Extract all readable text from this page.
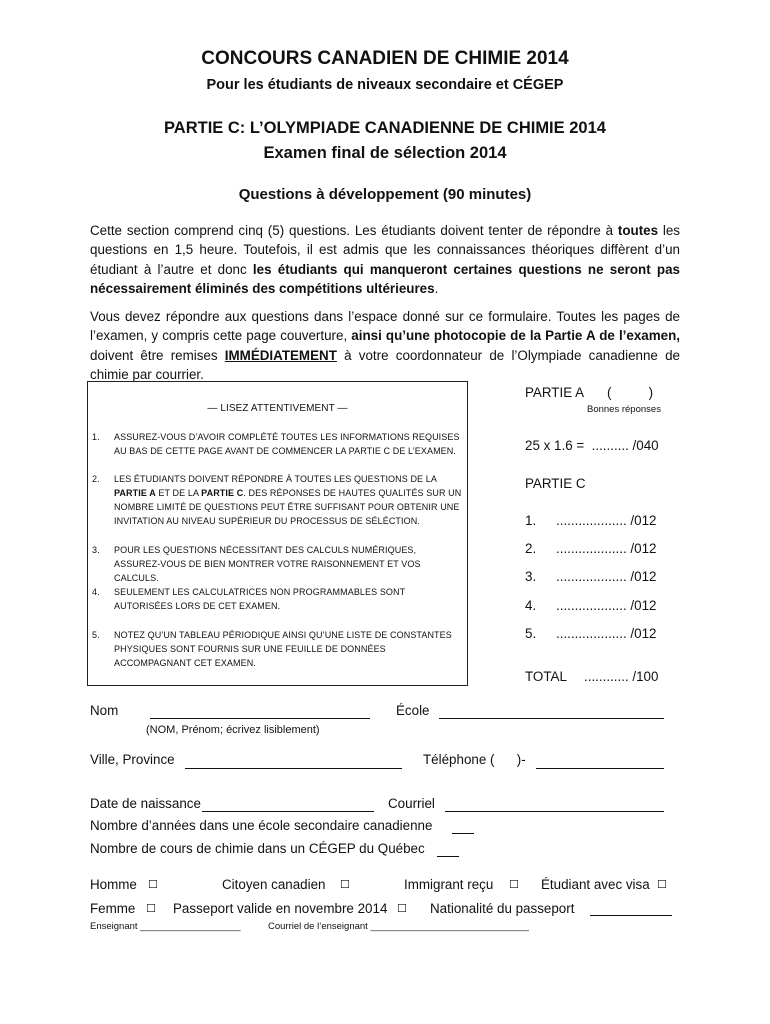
CONCOURS CANADIEN DE CHIMIE 2014
Pour les étudiants de niveaux secondaire et CÉGEP
PARTIE C: L’OLYMPIADE CANADIENNE DE CHIMIE 2014
Examen final de sélection 2014
Questions à développement (90 minutes)
Cette section comprend cinq (5) questions. Les étudiants doivent tenter de répondre à toutes les questions en 1,5 heure. Toutefois, il est admis que les connaissances théoriques diffèrent d’un étudiant à l’autre et donc les étudiants qui manqueront certaines questions ne seront pas nécessairement éliminés des compétitions ultérieures.
Vous devez répondre aux questions dans l’espace donné sur ce formulaire. Toutes les pages de l’examen, y compris cette page couverture, ainsi qu’une photocopie de la Partie A de l’examen, doivent être remises IMMÉDIATEMENT à votre coordonnateur de l’Olympiade canadienne de chimie par courrier.
— LISEZ ATTENTIVEMENT —
1. ASSUREZ-VOUS D’AVOIR COMPLÉTÉ TOUTES LES INFORMATIONS REQUISES AU BAS DE CETTE PAGE AVANT DE COMMENCER LA PARTIE C DE L’EXAMEN.
2. LES ÉTUDIANTS DOIVENT RÉPONDRE À TOUTES LES QUESTIONS DE LA PARTIE A ET DE LA PARTIE C. DES RÉPONSES DE HAUTES QUALITÉS SUR UN NOMBRE LIMITÉ DE QUESTIONS PEUT ÊTRE SUFFISANT POUR OBTENIR UNE INVITATION AU NIVEAU SUPÉRIEUR DU PROCESSUS DE SÉLÉCTION.
3. POUR LES QUESTIONS NÉCESSITANT DES CALCULS NUMÉRIQUES, ASSUREZ-VOUS DE BIEN MONTRER VOTRE RAISONNEMENT ET VOS CALCULS.
4. SEULEMENT LES CALCULATRICES NON PROGRAMMABLES SONT AUTORISÉES LORS DE CET EXAMEN.
5. NOTEZ QU’UN TABLEAU PÉRIODIQUE AINSI QU’UNE LISTE DE CONSTANTES PHYSIQUES SONT FOURNIS SUR UNE FEUILLE DE DONNÉES ACCOMPAGNANT CET EXAMEN.
PARTIE A (          )
Bonnes réponses
25 x 1.6 =  .......... /040
PARTIE C
1. ................... /012
2. ................... /012
3. ................... /012
4. ................... /012
5. ................... /012
TOTAL ............ /100
Nom	École
(NOM, Prénom; écrivez lisiblement)
Ville, Province	Téléphone (      )-
Date de naissance	Courriel
Nombre d’années dans une école secondaire canadienne
Nombre de cours de chimie dans un CÉGEP du Québec
Homme ☐	Citoyen canadien ☐	Immigrant reçu ☐ Étudiant avec visa ☐
Femme ☐ Passeport valide en novembre 2014 ☐ Nationalité du passeport
Enseignant ___________________	Courriel de l’enseignant ______________________________
